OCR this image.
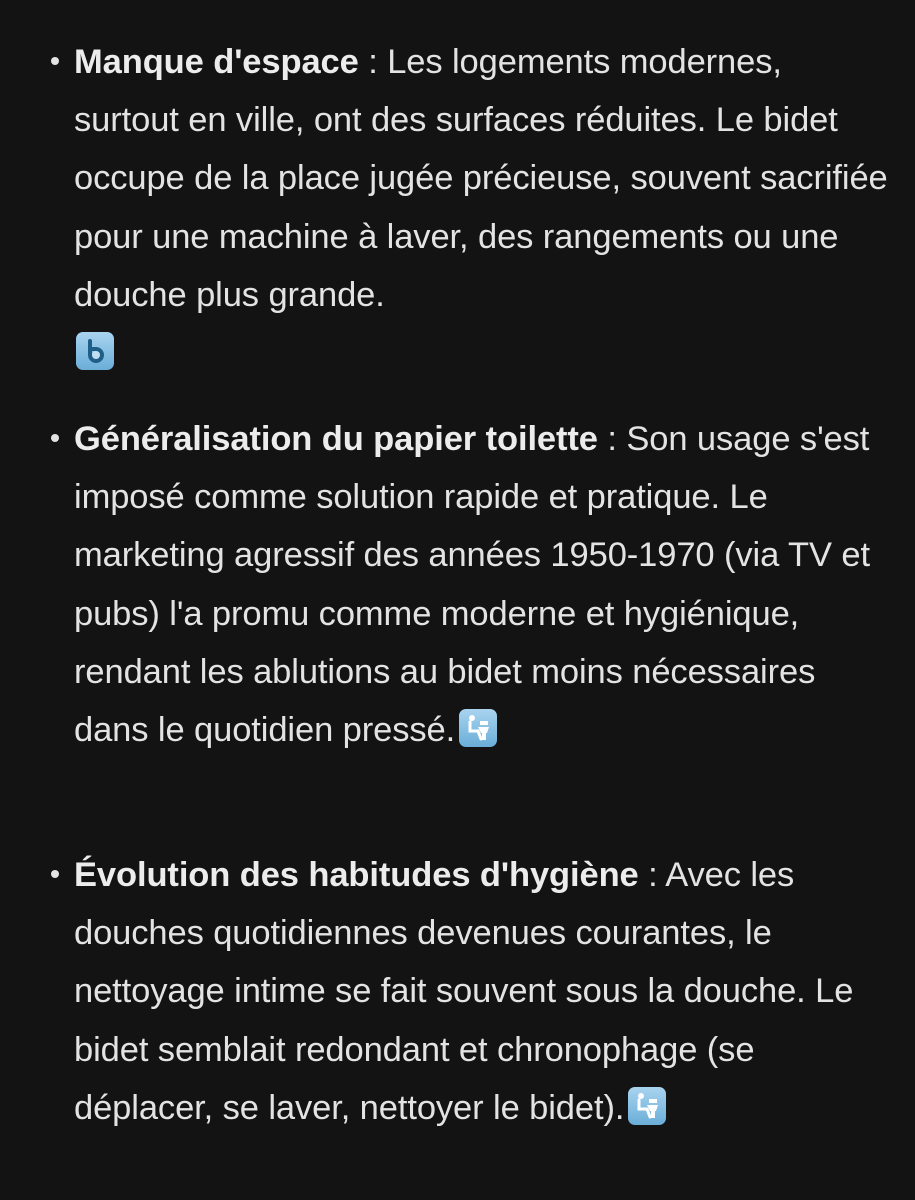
Manque d'espace : Les logements modernes, surtout en ville, ont des surfaces réduites. Le bidet occupe de la place jugée précieuse, souvent sacrifiée pour une machine à laver, des rangements ou une douche plus grande.
Généralisation du papier toilette : Son usage s'est imposé comme solution rapide et pratique. Le marketing agressif des années 1950-1970 (via TV et pubs) l'a promu comme moderne et hygiénique, rendant les ablutions au bidet moins nécessaires dans le quotidien pressé.
Évolution des habitudes d'hygiène : Avec les douches quotidiennes devenues courantes, le nettoyage intime se fait souvent sous la douche. Le bidet semblait redondant et chronophage (se déplacer, se laver, nettoyer le bidet).
